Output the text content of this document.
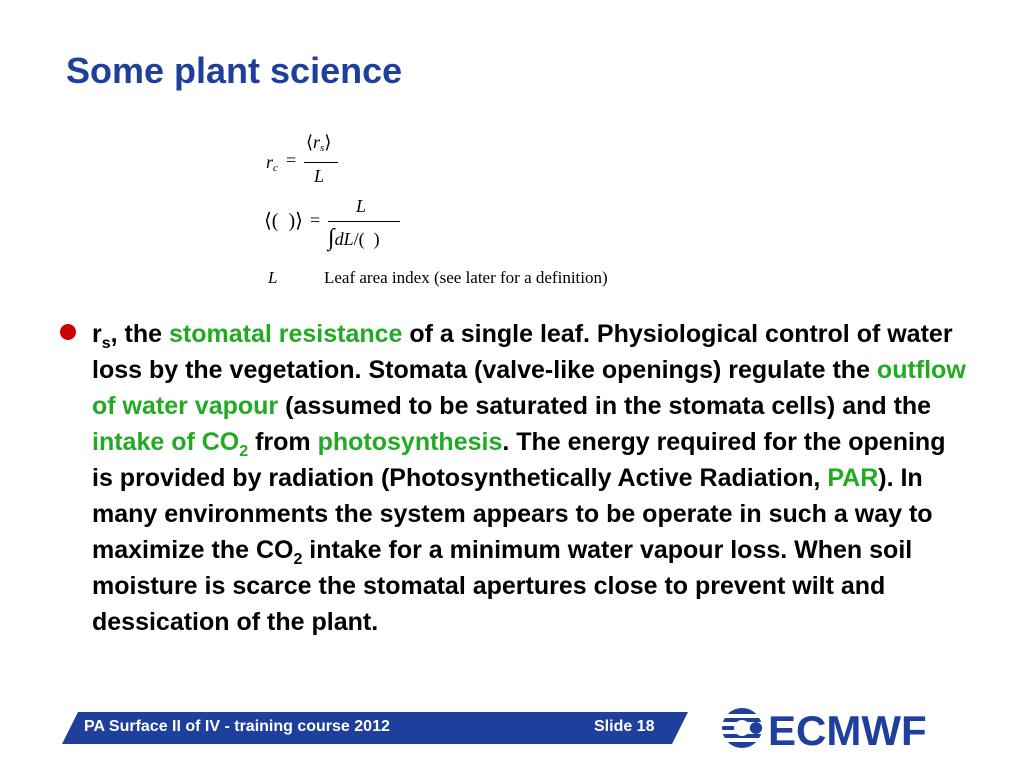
Some plant science
$r_c$ =
$⟨r_s⟩$
L
⟨(  )⟩ =
L
∫dL/(  )
L	Leaf area index (see later for a definition)

$r_s$, the stomatal resistance of a single leaf. Physiological control of water loss by the vegetation. Stomata (valve-like openings) regulate the outflow of water vapour (assumed to be saturated in the stomata cells) and the intake of $CO_2$ from photosynthesis. The energy required for the opening is provided by radiation (Photosynthetically Active Radiation, PAR). In many environments the system appears to be operate in such a way to maximize the $CO_2$ intake for a minimum water vapour loss. When soil moisture is scarce the stomatal apertures close to prevent wilt and dessication of the plant.

PA Surface II of IV - training course 2012	Slide 18	ECMWF
